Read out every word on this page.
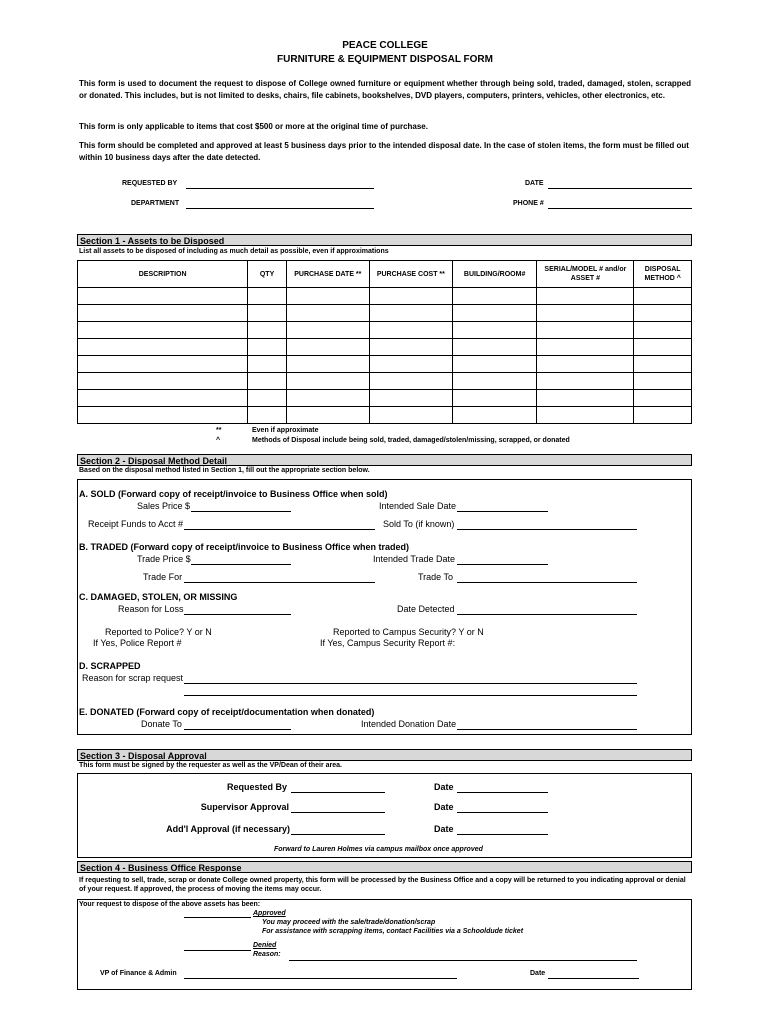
PEACE COLLEGE
FURNITURE & EQUIPMENT DISPOSAL FORM
This form is used to document the request to dispose of College owned furniture or equipment whether through being sold, traded, damaged, stolen, scrapped or donated. This includes, but is not limited to desks, chairs, file cabinets, bookshelves, DVD players, computers, printers, vehicles, other electronics, etc.
This form is only applicable to items that cost $500 or more at the original time of purchase.
This form should be completed and approved at least 5 business days prior to the intended disposal date. In the case of stolen items, the form must be filled out within 10 business days after the date detected.
REQUESTED BY	DATE
DEPARTMENT	PHONE #
Section 1 - Assets to be Disposed
List all assets to be disposed of including as much detail as possible, even if approximations
DESCRIPTION	QTY	PURCHASE DATE **	PURCHASE COST **	BUILDING/ROOM#	SERIAL/MODEL # and/or ASSET #	DISPOSAL METHOD ^

**	Even if approximate
^	Methods of Disposal include being sold, traded, damaged/stolen/missing, scrapped, or donated
Section 2 - Disposal Method Detail
Based on the disposal method listed in Section 1, fill out the appropriate section below.
A. SOLD (Forward copy of receipt/invoice to Business Office when sold)
Sales Price $	Intended Sale Date
Receipt Funds to Acct #	Sold To (if known)
B. TRADED (Forward copy of receipt/invoice to Business Office when traded)
Trade Price $	Intended Trade Date
Trade For	Trade To
C. DAMAGED, STOLEN, OR MISSING
Reason for Loss	Date Detected
Reported to Police? Y or N
If Yes, Police Report #
Reported to Campus Security? Y or N
If Yes, Campus Security Report #:
D. SCRAPPED
Reason for scrap request
E. DONATED (Forward copy of receipt/documentation when donated)
Donate To	Intended Donation Date
Section 3 - Disposal Approval
This form must be signed by the requester as well as the VP/Dean of their area.
Requested By	Date
Supervisor Approval	Date
Add'l Approval (if necessary)	Date
Forward to Lauren Holmes via campus mailbox once approved
Section 4 - Business Office Response
If requesting to sell, trade, scrap or donate College owned property, this form will be processed by the Business Office and a copy will be returned to you indicating approval or denial of your request. If approved, the process of moving the items may occur.
Your request to dispose of the above assets has been:
Approved
You may proceed with the sale/trade/donation/scrap
For assistance with scrapping items, contact Facilities via a Schooldude ticket
Denied
Reason:
VP of Finance & Admin	Date
